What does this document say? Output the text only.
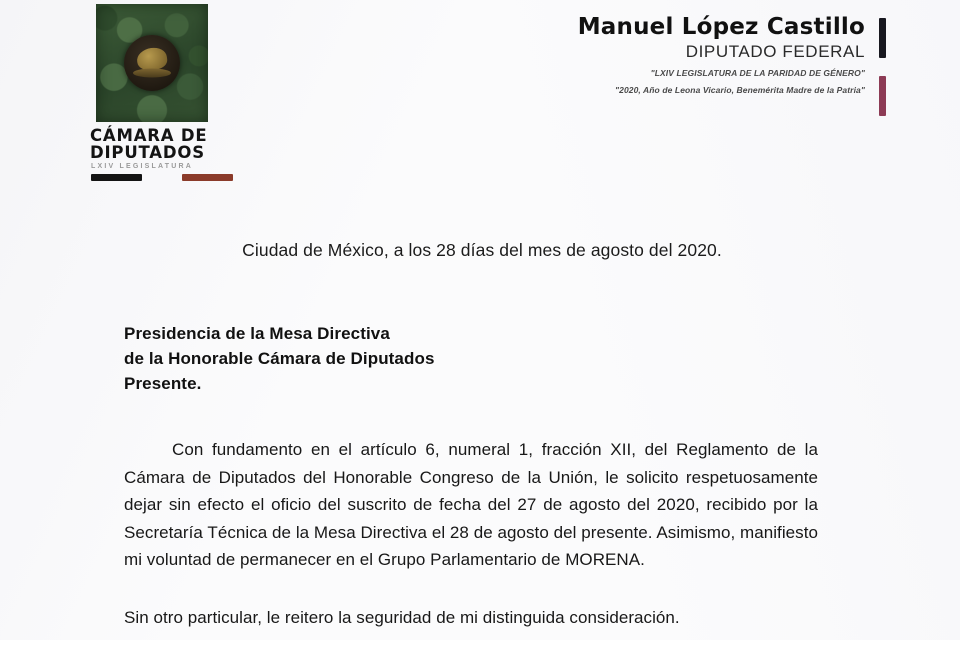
CÁMARA DE
DIPUTADOS
LXIV LEGISLATURA
Manuel López Castillo
DIPUTADO FEDERAL
"LXIV LEGISLATURA DE LA PARIDAD DE GÉNERO"
"2020, Año de Leona Vicario, Benemérita Madre de la Patria"
Ciudad de México, a los 28 días del mes de agosto del 2020.
Presidencia de la Mesa Directiva
de la Honorable Cámara de Diputados
Presente.

Con fundamento en el artículo 6, numeral 1, fracción XII, del Reglamento de la Cámara de Diputados del Honorable Congreso de la Unión, le solicito respetuosamente dejar sin efecto el oficio del suscrito de fecha del 27 de agosto del 2020, recibido por la Secretaría Técnica de la Mesa Directiva el 28 de agosto del presente. Asimismo, manifiesto mi voluntad de permanecer en el Grupo Parlamentario de MORENA.

Sin otro particular, le reitero la seguridad de mi distinguida consideración.
